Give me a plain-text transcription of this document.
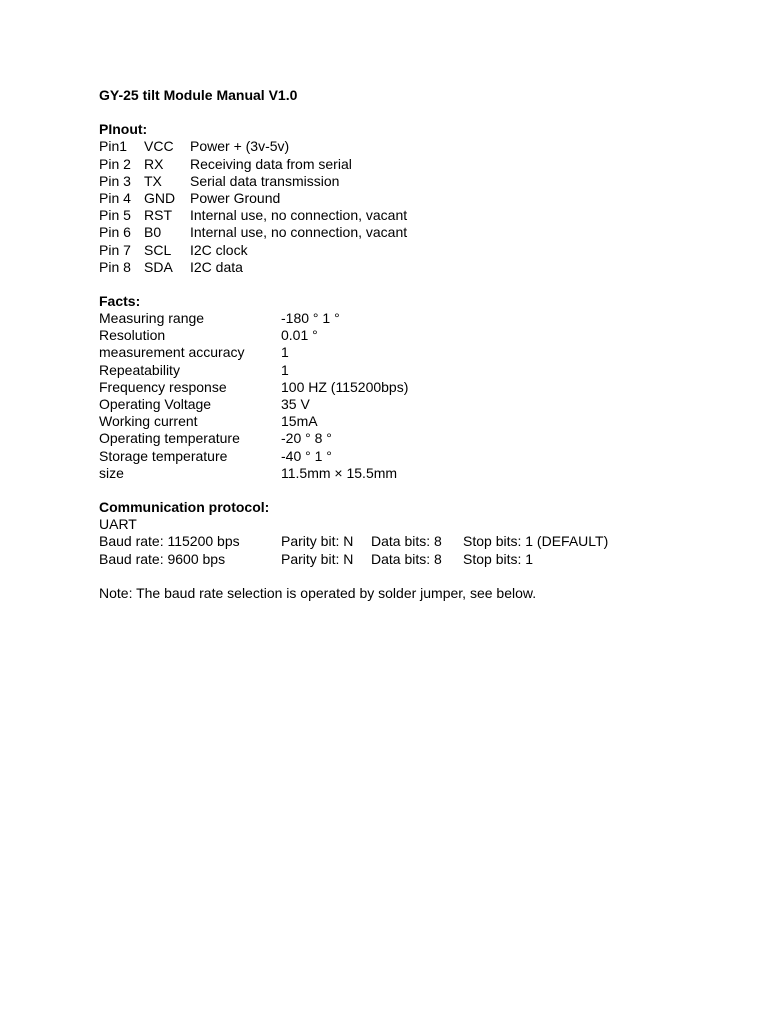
GY-25 tilt Module Manual V1.0
PInout:
Pin1 VCC Power + (3v-5v)
Pin 2 RX Receiving data from serial
Pin 3 TX Serial data transmission
Pin 4 GND Power Ground
Pin 5 RST Internal use, no connection, vacant
Pin 6 B0 Internal use, no connection, vacant
Pin 7 SCL I2C clock
Pin 8 SDA I2C data
Facts:
Measuring range	-180 ° 1 °
Resolution	0.01 °
measurement accuracy	1
Repeatability	1
Frequency response	100 HZ (115200bps)
Operating Voltage	35 V
Working current	15mA
Operating temperature	-20 ° 8 °
Storage temperature	-40 ° 1 °
size	11.5mm × 15.5mm
Communication protocol:
UART
Baud rate: 115200 bps	Parity bit: N Data bits: 8 Stop bits: 1 (DEFAULT)
Baud rate: 9600 bps	Parity bit: N Data bits: 8 Stop bits: 1
Note: The baud rate selection is operated by solder jumper, see below.
